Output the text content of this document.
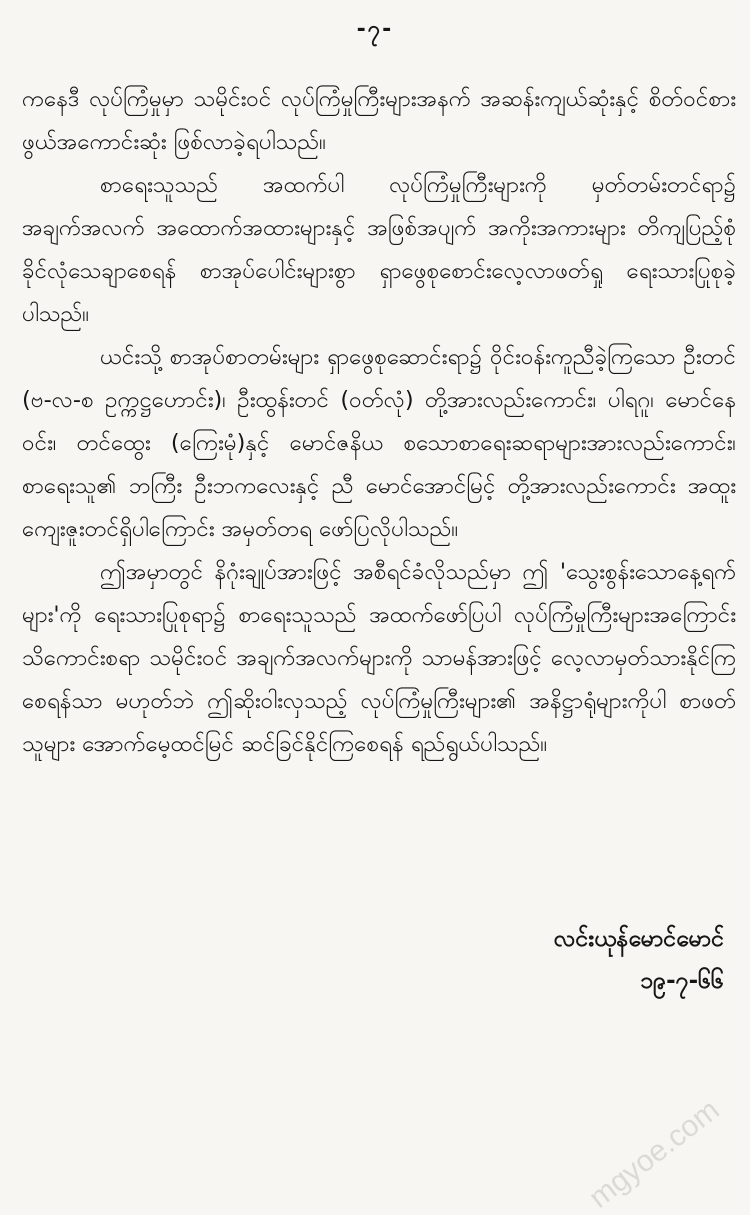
-၇-

ကနေဒီ လုပ်ကြံမှုမှာ သမိုင်းဝင် လုပ်ကြံမှုကြီးများအနက် အဆန်းကျယ်ဆုံးနှင့် စိတ်ဝင်စားဖွယ်အကောင်းဆုံး ဖြစ်လာခဲ့ရပါသည်။

စာရေးသူသည် အထက်ပါ လုပ်ကြံမှုကြီးများကို မှတ်တမ်းတင်ရာ၌ အချက်အလက် အထောက်အထားများနှင့် အဖြစ်အပျက် အကိုးအကားများ တိကျပြည့်စုံ ခိုင်လုံသေချာစေရန် စာအုပ်ပေါင်းများစွာ ရှာဖွေစုစောင်းလေ့လာဖတ်ရှု ရေးသားပြုစုခဲ့ပါသည်။

ယင်းသို့ စာအုပ်စာတမ်းများ ရှာဖွေစုဆောင်းရာ၌ ဝိုင်းဝန်းကူညီခဲ့ကြသော ဦးတင် (ဗ-လ-စ ဥက္ကဋ္ဌဟောင်း)၊ ဦးထွန်းတင် (ဝတ်လုံ) တို့အားလည်းကောင်း၊ ပါရဂူ၊ မောင်နေဝင်း၊ တင်ထွေး (ကြေးမုံ)နှင့် မောင်ဇနိယ စသောစာရေးဆရာများအားလည်းကောင်း၊ စာရေးသူ၏ ဘကြီး ဦးဘကလေးနှင့် ညီ မောင်အောင်မြင့် တို့အားလည်းကောင်း အထူးကျေးဇူးတင်ရှိပါကြောင်း အမှတ်တရ ဖော်ပြလိုပါသည်။

ဤအမှာတွင် နိဂုံးချုပ်အားဖြင့် အစီရင်ခံလိုသည်မှာ ဤ 'သွေးစွန်းသောနေ့ရက်များ'ကို ရေးသားပြုစုရာ၌ စာရေးသူသည် အထက်ဖော်ပြပါ လုပ်ကြံမှုကြီးများအကြောင်း သိကောင်းစရာ သမိုင်းဝင် အချက်အလက်များကို သာမန်အားဖြင့် လေ့လာမှတ်သားနိုင်ကြစေရန်သာ မဟုတ်ဘဲ ဤဆိုးဝါးလှသည့် လုပ်ကြံမှုကြီးများ၏ အနိဋ္ဌာရုံများကိုပါ စာဖတ်သူများ အောက်မေ့ထင်မြင် ဆင်ခြင်နိုင်ကြစေရန် ရည်ရွယ်ပါသည်။

လင်းယုန်မောင်မောင်
၁၉-၇-၆၆
mgyoe.com
